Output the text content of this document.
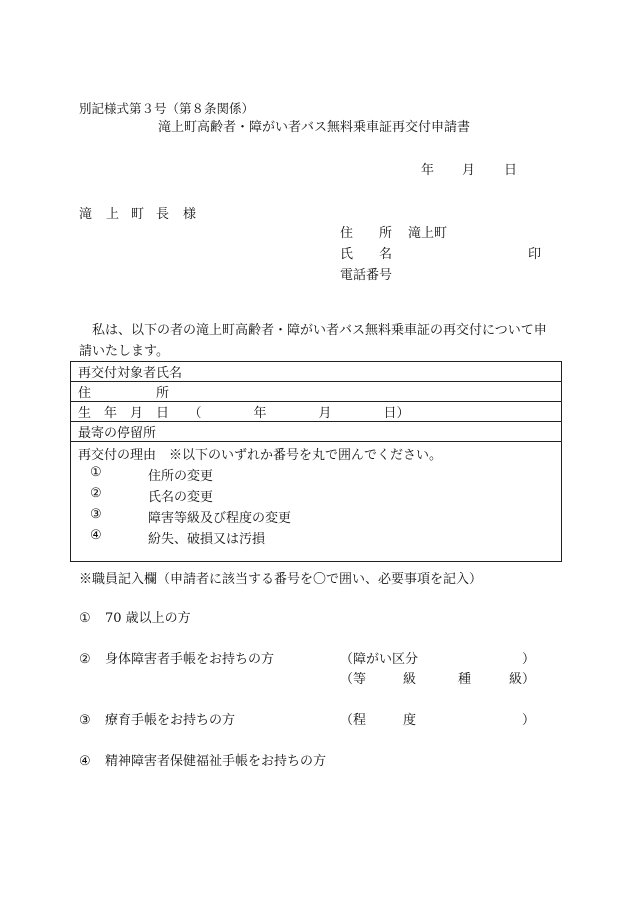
別記様式第３号（第８条関係）
滝上町高齢者・障がい者バス無料乗車証再交付申請書
年 月 日
滝 上 町 長 様
住　　所 滝上町
氏　　名	印
電話番号
私は、以下の者の滝上町高齢者・障がい者バス無料乗車証の再交付について申請いたします。
再交付対象者氏名
住　　　　　所
生　年　月　日　　（　　　　年　　　　月　　　　日）
最寄の停留所

再交付の理由　※以下のいずれか番号を丸で囲んでください。
①	住所の変更
②	氏名の変更
③	障害等級及び程度の変更
④	紛失、破損又は汚損
※職員記入欄（申請者に該当する番号を〇で囲い、必要事項を記入）
① 70 歳以上の方
② 身体障害者手帳をお持ちの方	（障がい区分	）
（等	級	種	級）
③ 療育手帳をお持ちの方	（程	度	）
④ 精神障害者保健福祉手帳をお持ちの方
